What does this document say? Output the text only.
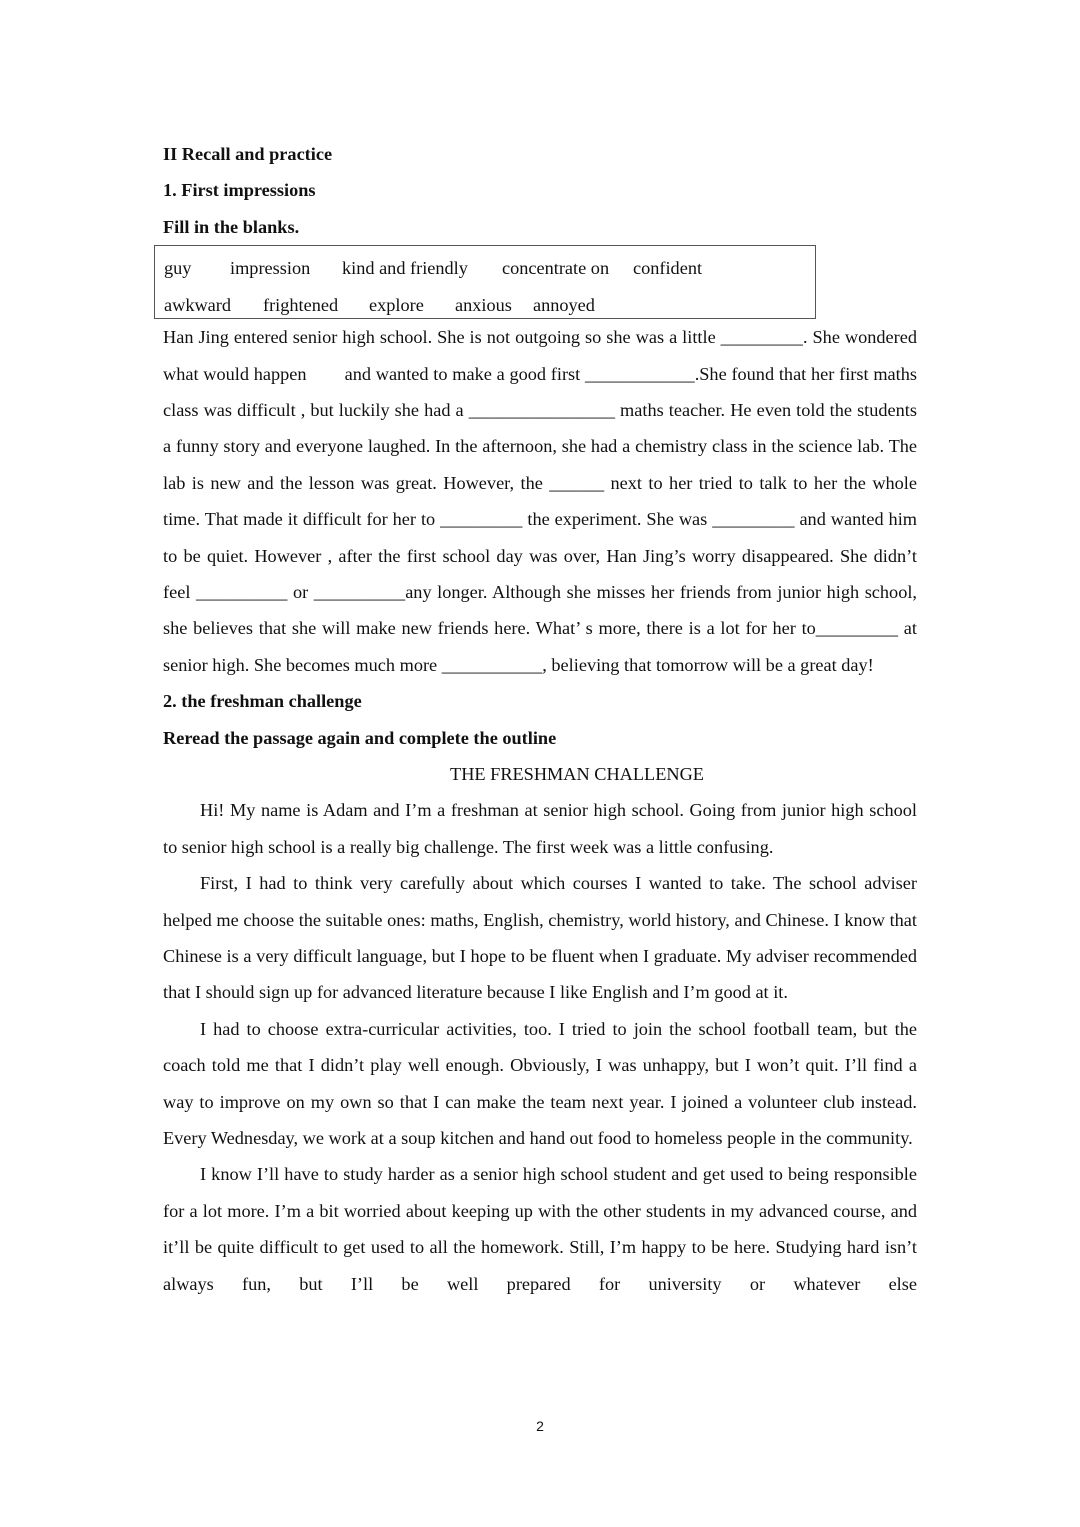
II Recall and practice
1. First impressions
Fill in the blanks.
guy impression kind and friendly concentrate on confident
awkward frightened explore anxious annoyed

Han Jing entered senior high school. She is not outgoing so she was a little _________. She wondered what would happen        and wanted to make a good first ____________.She found that her first maths class was difficult , but luckily she had a ________________ maths teacher. He even told the students a funny story and everyone laughed. In the afternoon, she had a chemistry class in the science lab. The lab is new and the lesson was great. However, the ______ next to her tried to talk to her the whole time. That made it difficult for her to _________ the experiment. She was _________ and wanted him to be quiet. However , after the first school day was over, Han Jing’s worry disappeared. She didn’t feel __________ or __________any longer. Although she misses her friends from junior high school, she believes that she will make new friends here. What’ s more, there is a lot for her to_________ at senior high. She becomes much more ___________, believing that tomorrow will be a great day!

2. the freshman challenge
Reread the passage again and complete the outline
THE FRESHMAN CHALLENGE

Hi! My name is Adam and I’m a freshman at senior high school. Going from junior high school to senior high school is a really big challenge. The first week was a little confusing.

First, I had to think very carefully about which courses I wanted to take. The school adviser helped me choose the suitable ones: maths, English, chemistry, world history, and Chinese. I know that Chinese is a very difficult language, but I hope to be fluent when I graduate. My adviser recommended that I should sign up for advanced literature because I like English and I’m good at it.

I had to choose extra-curricular activities, too. I tried to join the school football team, but the coach told me that I didn’t play well enough. Obviously, I was unhappy, but I won’t quit. I’ll find a way to improve on my own so that I can make the team next year. I joined a volunteer club instead. Every Wednesday, we work at a soup kitchen and hand out food to homeless people in the community.

I know I’ll have to study harder as a senior high school student and get used to being responsible for a lot more. I’m a bit worried about keeping up with the other students in my advanced course, and it’ll be quite difficult to get used to all the homework. Still, I’m happy to be here. Studying hard isn’t always fun, but I’ll be well prepared for university or whatever else

2
